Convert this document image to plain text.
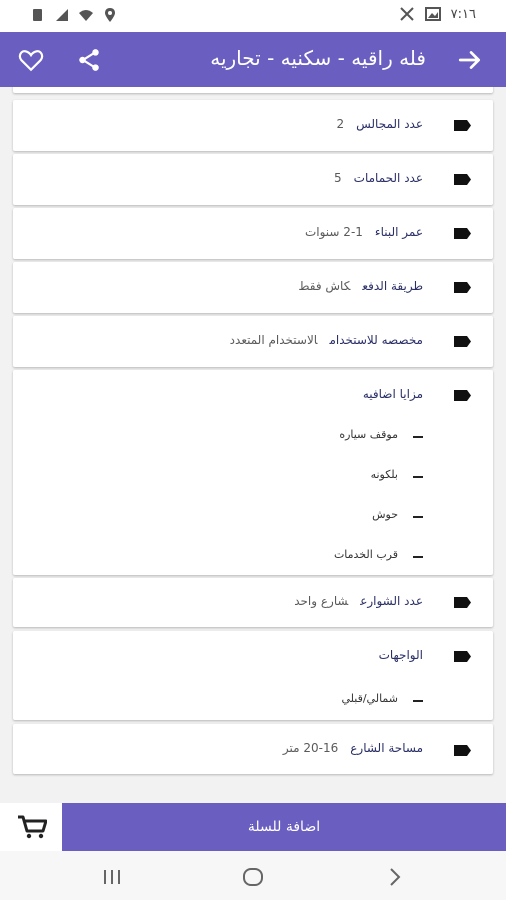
٧:١٦
فله راقيه - سكنيه - تجاريه
عدد المجالس2
عدد الحمامات5
عمر البناء1-2 سنوات
طريقة الدفعكاش فقط
مخصصه للاستخدامالاستخدام المتعدد
مزايا اضافيه
موقف سياره
بلكونه
حوش
قرب الخدمات
عدد الشوارعشارع واحد
الواجهات
شمالي/قبلي
مساحة الشارع16-20 متر
اضافة للسلة
